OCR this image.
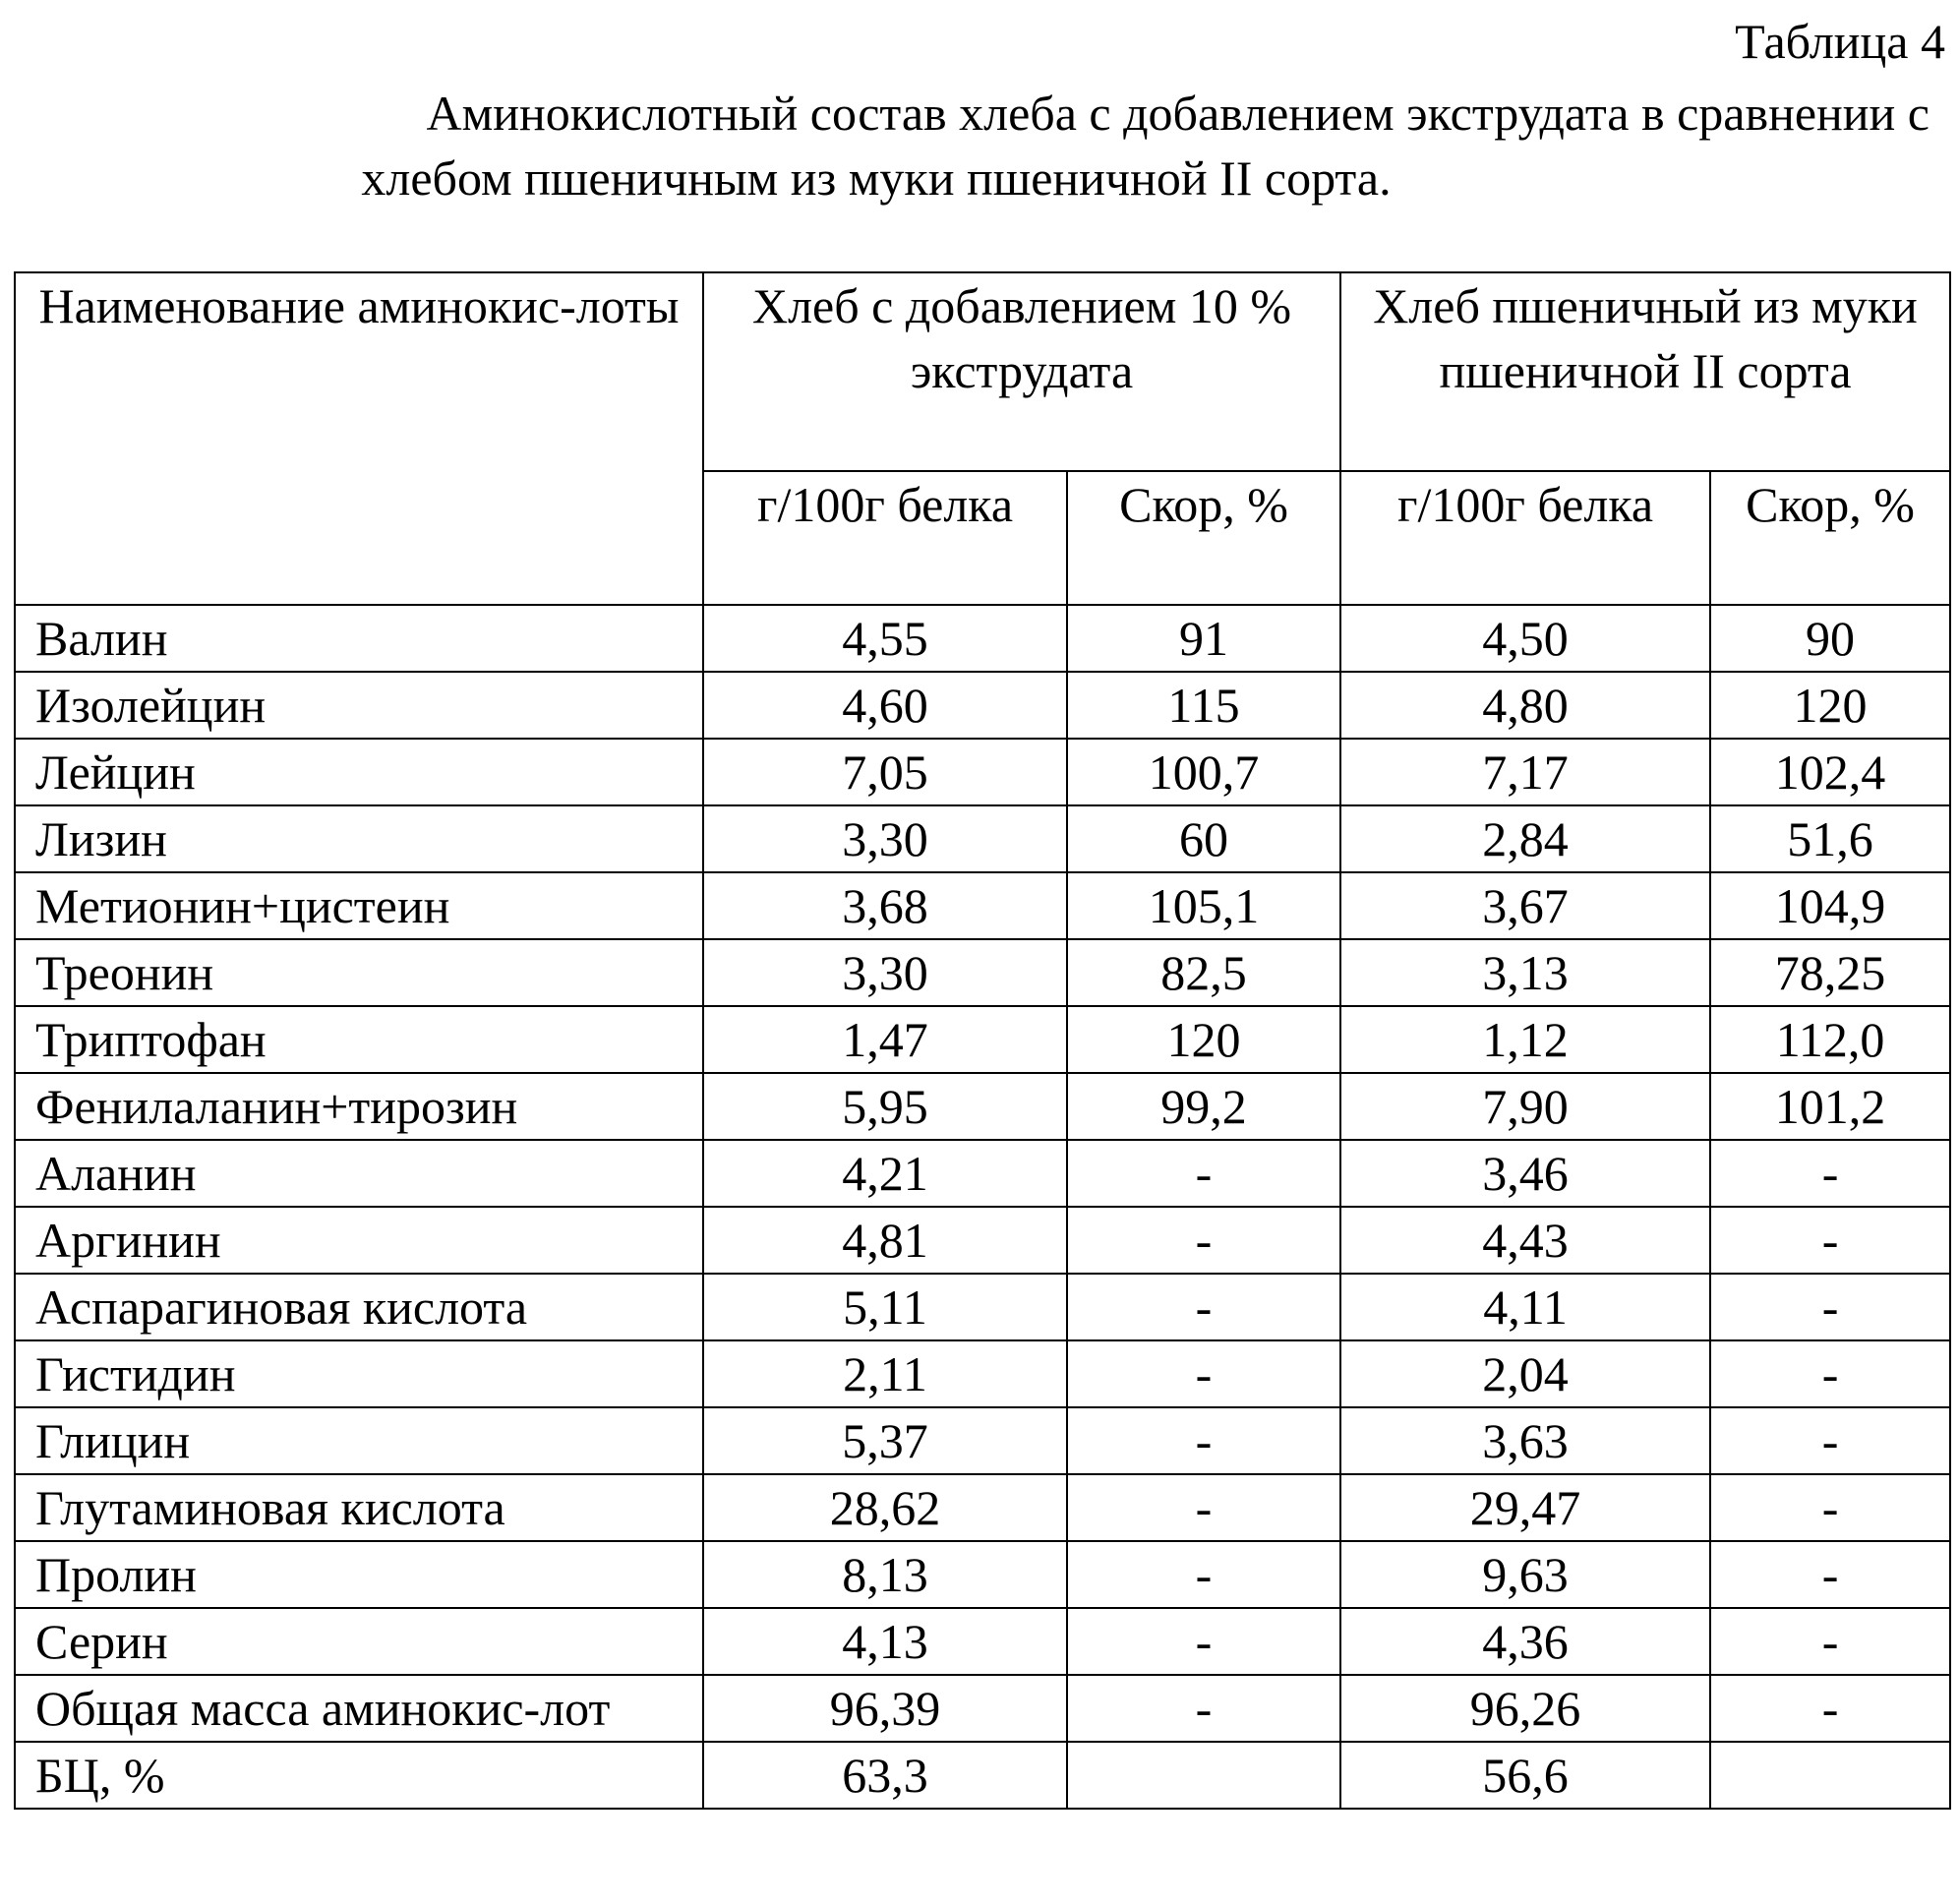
Таблица 4
Аминокислотный состав хлеба с добавлением экструдата в сравнении с
хлебом пшеничным из муки пшеничной II сорта.
Наименование аминокис-лоты	Хлеб с добавлением 10 % экструдата		Хлеб пшеничный из муки пшеничной II сорта	
	г/100г белка	Скор, %	г/100г белка	Скор, %
Валин	4,55	91	4,50	90
Изолейцин	4,60	115	4,80	120
Лейцин	7,05	100,7	7,17	102,4
Лизин	3,30	60	2,84	51,6
Метионин+цистеин	3,68	105,1	3,67	104,9
Треонин	3,30	82,5	3,13	78,25
Триптофан	1,47	120	1,12	112,0
Фенилаланин+тирозин	5,95	99,2	7,90	101,2
Аланин	4,21	-	3,46	-
Аргинин	4,81	-	4,43	-
Аспарагиновая кислота	5,11	-	4,11	-
Гистидин	2,11	-	2,04	-
Глицин	5,37	-	3,63	-
Глутаминовая кислота	28,62	-	29,47	-
Пролин	8,13	-	9,63	-
Серин	4,13	-	4,36	-
Общая масса аминокис-лот	96,39	-	96,26	-
БЦ, %	63,3		56,6	
